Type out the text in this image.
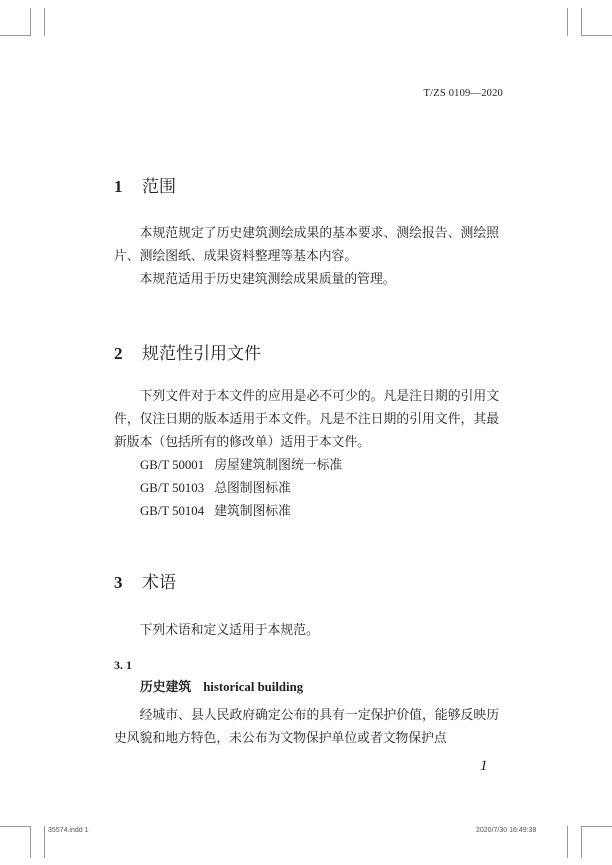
T/ZS 0109—2020
1	范围

本规范规定了历史建筑测绘成果的基本要求、测绘报告、测绘照片、测绘图纸、成果资料整理等基本内容。

本规范适用于历史建筑测绘成果质量的管理。

2	规范性引用文件

下列文件对于本文件的应用是必不可少的。凡是注日期的引用文件，仅注日期的版本适用于本文件。凡是不注日期的引用文件，其最新版本（包括所有的修改单）适用于本文件。

GB/T 50001 房屋建筑制图统一标准
GB/T 50103 总图制图标准
GB/T 50104 建筑制图标准
3	术语

下列术语和定义适用于本规范。

3. 1
历史建筑 historical building

经城市、县人民政府确定公布的具有一定保护价值，能够反映历史风貌和地方特色，未公布为文物保护单位或者文物保护点

1
35574.indd 1	2020/7/30 16:49:38
